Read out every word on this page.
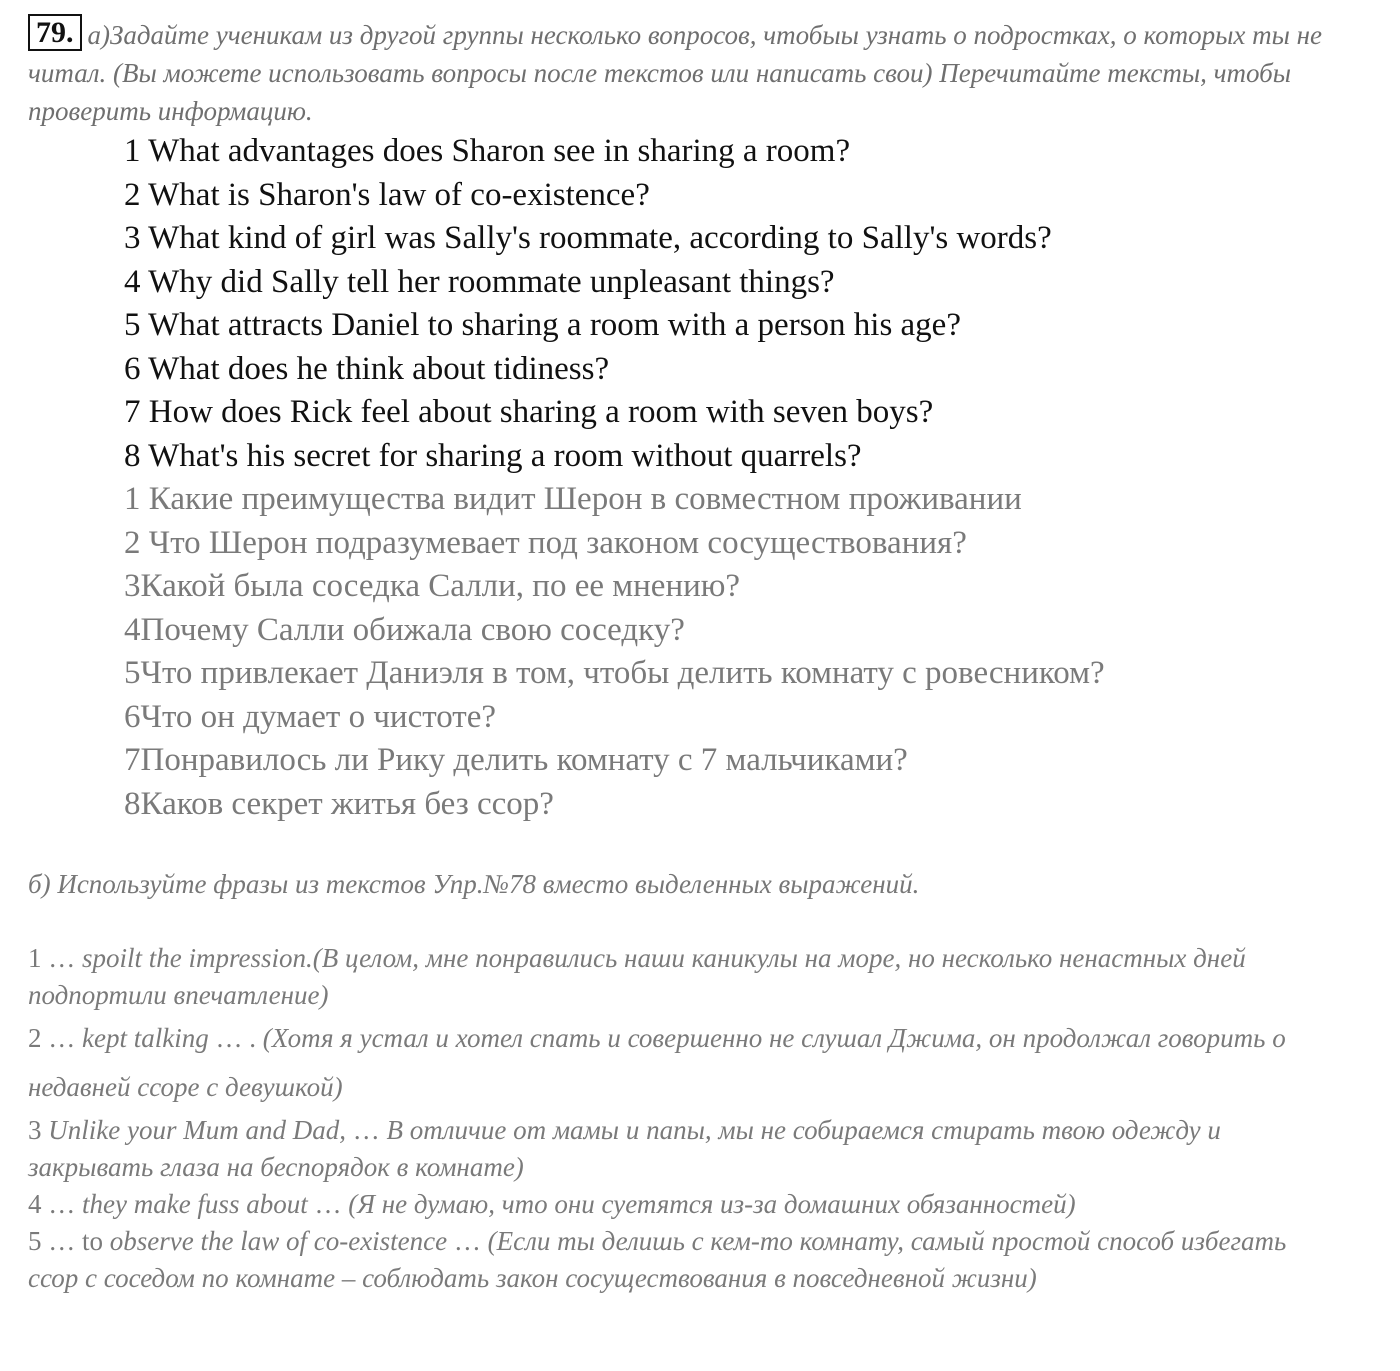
79. а)Задайте ученикам из другой группы несколько вопросов, чтобыы узнать о подростках, о которых ты не читал. (Вы можете использовать вопросы после текстов или написать свои) Перечитайте тексты, чтобы проверить информацию.
1 What advantages does Sharon see in sharing a room?
2 What is Sharon's law of co-existence?
3 What kind of girl was Sally's roommate, according to Sally's words?
4 Why did Sally tell her roommate unpleasant things?
5 What attracts Daniel to sharing a room with a person his age?
6 What does he think about tidiness?
7 How does Rick feel about sharing a room with seven boys?
8 What's his secret for sharing a room without quarrels?
1 Какие преимущества видит Шерон в совместном проживании
2 Что Шерон подразумевает под законом сосуществования?
3Какой была соседка Салли, по ее мнению?
4Почему Салли обижала свою соседку?
5Что привлекает Даниэля в том, чтобы делить комнату с ровесником?
6Что он думает о чистоте?
7Понравилось ли Рику делить комнату с 7 мальчиками?
8Каков секрет житья без ссор?
б) Используйте фразы из текстов Упр.№78 вместо выделенных выражений.

1 … spoilt the impression.(В целом, мне понравились наши каникулы на море, но несколько ненастных дней подпортили впечатление)

2 … kept talking … . (Хотя я устал и хотел спать и совершенно не слушал Джима, он продолжал говорить о недавней ссоре с девушкой)

3 Unlike your Mum and Dad, … В отличие от мамы и папы, мы не собираемся стирать твою одежду и закрывать глаза на беспорядок в комнате)

4 … they make fuss about … (Я не думаю, что они суетятся из-за домашних обязанностей)

5 … to observe the law of co-existence … (Если ты делишь с кем-то комнату, самый простой способ избегать ссор с соседом по комнате – соблюдать закон сосуществования в повседневной жизни)
